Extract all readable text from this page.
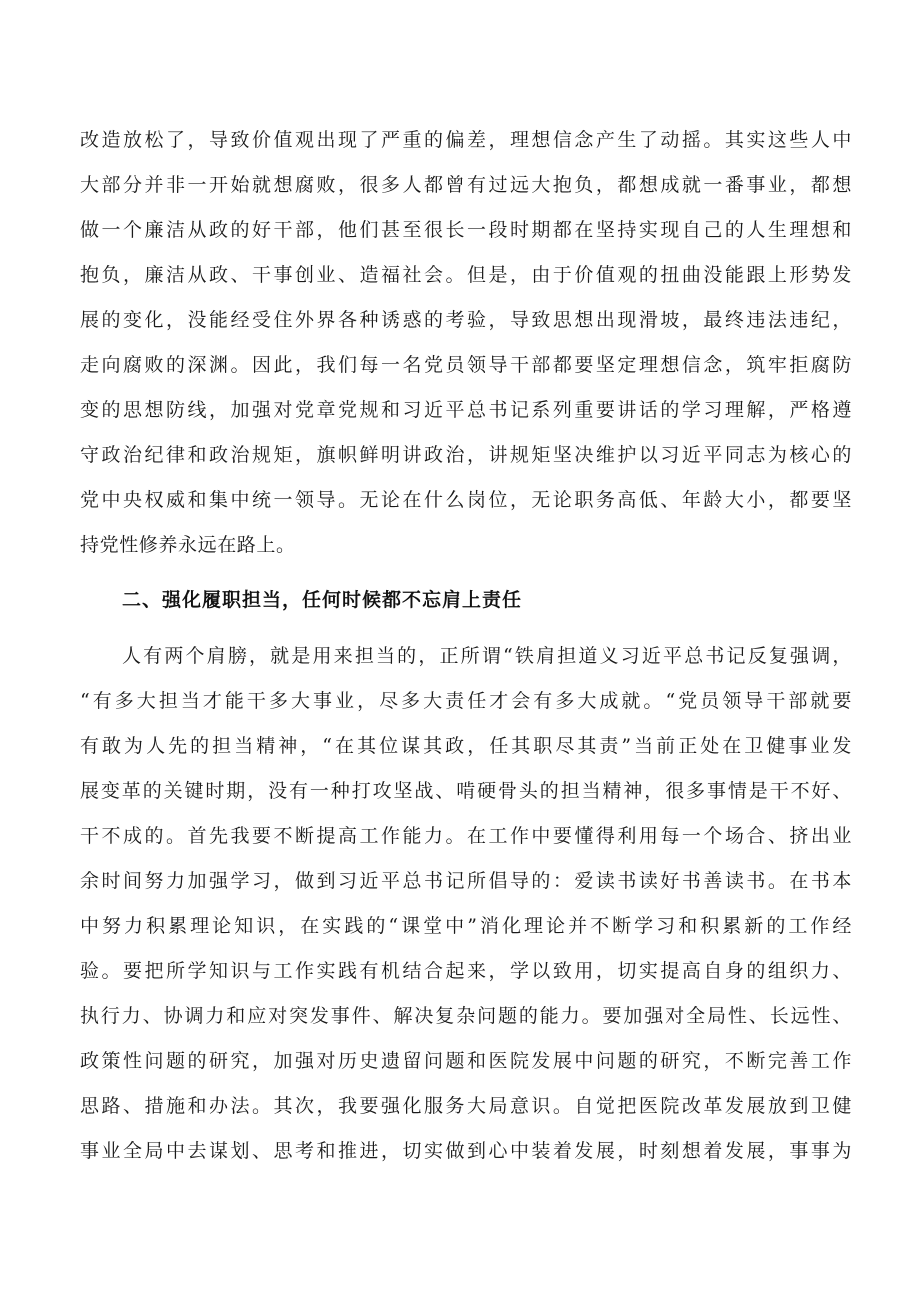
改造放松了，导致价值观出现了严重的偏差，理想信念产生了动摇。其实这些人中
大部分并非一开始就想腐败，很多人都曾有过远大抱负，都想成就一番事业，都想
做一个廉洁从政的好干部，他们甚至很长一段时期都在坚持实现自己的人生理想和
抱负，廉洁从政、干事创业、造福社会。但是，由于价值观的扭曲没能跟上形势发
展的变化，没能经受住外界各种诱惑的考验，导致思想出现滑坡，最终违法违纪，
走向腐败的深渊。因此，我们每一名党员领导干部都要坚定理想信念，筑牢拒腐防
变的思想防线，加强对党章党规和习近平总书记系列重要讲话的学习理解，严格遵
守政治纪律和政治规矩，旗帜鲜明讲政治，讲规矩坚决维护以习近平同志为核心的
党中央权威和集中统一领导。无论在什么岗位，无论职务高低、年龄大小，都要坚
持党性修养永远在路上。
二、强化履职担当，任何时候都不忘肩上责任
人有两个肩膀，就是用来担当的，正所谓“铁肩担道义习近平总书记反复强调，
“有多大担当才能干多大事业，尽多大责任才会有多大成就。“党员领导干部就要
有敢为人先的担当精神，“在其位谋其政，任其职尽其责”当前正处在卫健事业发
展变革的关键时期，没有一种打攻坚战、啃硬骨头的担当精神，很多事情是干不好、
干不成的。首先我要不断提高工作能力。在工作中要懂得利用每一个场合、挤出业
余时间努力加强学习，做到习近平总书记所倡导的：爱读书读好书善读书。在书本
中努力积累理论知识，在实践的“课堂中”消化理论并不断学习和积累新的工作经
验。要把所学知识与工作实践有机结合起来，学以致用，切实提高自身的组织力、
执行力、协调力和应对突发事件、解决复杂问题的能力。要加强对全局性、长远性、
政策性问题的研究，加强对历史遗留问题和医院发展中问题的研究，不断完善工作
思路、措施和办法。其次，我要强化服务大局意识。自觉把医院改革发展放到卫健
事业全局中去谋划、思考和推进，切实做到心中装着发展，时刻想着发展，事事为
